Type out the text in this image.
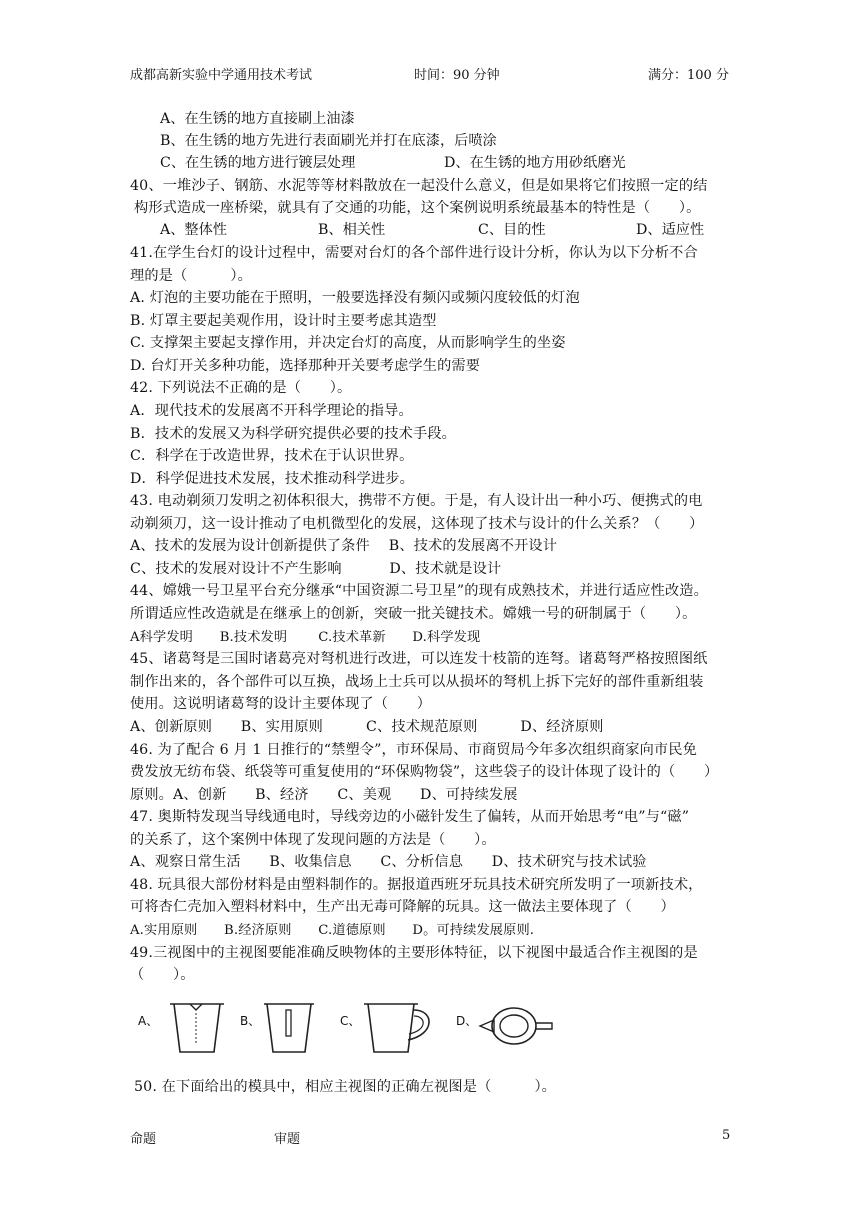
成都高新实验中学通用技术考试	时间：90 分钟	满分：100 分
A、在生锈的地方直接刷上油漆
B、在生锈的地方先进行表面刷光并打在底漆，后喷涂
C、在生锈的地方进行镀层处理	D、在生锈的地方用砂纸磨光
40、一堆沙子、钢筋、水泥等等材料散放在一起没什么意义，但是如果将它们按照一定的结
构形式造成一座桥梁，就具有了交通的功能，这个案例说明系统最基本的特性是（　　）。
A、整体性	B、相关性	C、目的性	D、适应性
41.在学生台灯的设计过程中，需要对台灯的各个部件进行设计分析，你认为以下分析不合
理的是（　　　）。
A. 灯泡的主要功能在于照明，一般要选择没有频闪或频闪度较低的灯泡
B. 灯罩主要起美观作用，设计时主要考虑其造型
C. 支撑架主要起支撑作用，并决定台灯的高度，从而影响学生的坐姿
D. 台灯开关多种功能，选择那种开关要考虑学生的需要
42. 下列说法不正确的是（　　）。
A．现代技术的发展离不开科学理论的指导。
B．技术的发展又为科学研究提供必要的技术手段。
C．科学在于改造世界，技术在于认识世界。
D．科学促进技术发展，技术推动科学进步。
43. 电动剃须刀发明之初体积很大，携带不方便。于是，有人设计出一种小巧、便携式的电
动剃须刀，这一设计推动了电机微型化的发展，这体现了技术与设计的什么关系？（　　）
A、技术的发展为设计创新提供了条件　 B、技术的发展离不开设计
C、技术的发展对设计不产生影响　　　 D、技术就是设计
44、嫦娥一号卫星平台充分继承“中国资源二号卫星”的现有成熟技术，并进行适应性改造。
所谓适应性改造就是在继承上的创新，突破一批关键技术。嫦娥一号的研制属于（　　）。
A科学发明　　B.技术发明　　 C.技术革新　　D.科学发现
45、诸葛弩是三国时诸葛亮对弩机进行改进，可以连发十枝箭的连弩。诸葛弩严格按照图纸
制作出来的，各个部件可以互换，战场上士兵可以从损坏的弩机上拆下完好的部件重新组装
使用。这说明诸葛弩的设计主要体现了（　　）
A、创新原则　　B、实用原则　　　C、技术规范原则　　　D、经济原则
46. 为了配合 6 月 1 日推行的“禁塑令”，市环保局、市商贸局今年多次组织商家向市民免
费发放无纺布袋、纸袋等可重复使用的“环保购物袋”，这些袋子的设计体现了设计的（　　）
原则。A、创新　　B、经济　　C、美观　　D、可持续发展
47. 奥斯特发现当导线通电时，导线旁边的小磁针发生了偏转，从而开始思考“电”与“磁”
的关系了，这个案例中体现了发现问题的方法是（　　）。
A、观察日常生活　　B、收集信息　　C、分析信息　　D、技术研究与技术试验
48. 玩具很大部份材料是由塑料制作的。据报道西班牙玩具技术研究所发明了一项新技术，
可将杏仁壳加入塑料材料中，生产出无毒可降解的玩具。这一做法主要体现了（　　）
A.实用原则　　B.经济原则　　C.道德原则　　D。可持续发展原则.
49.三视图中的主视图要能准确反映物体的主要形体特征，以下视图中最适合作主视图的是
（　　）。
A、	B、	C、	D、
50. 在下面给出的模具中，相应主视图的正确左视图是（　　　）。
命题	审题	5
